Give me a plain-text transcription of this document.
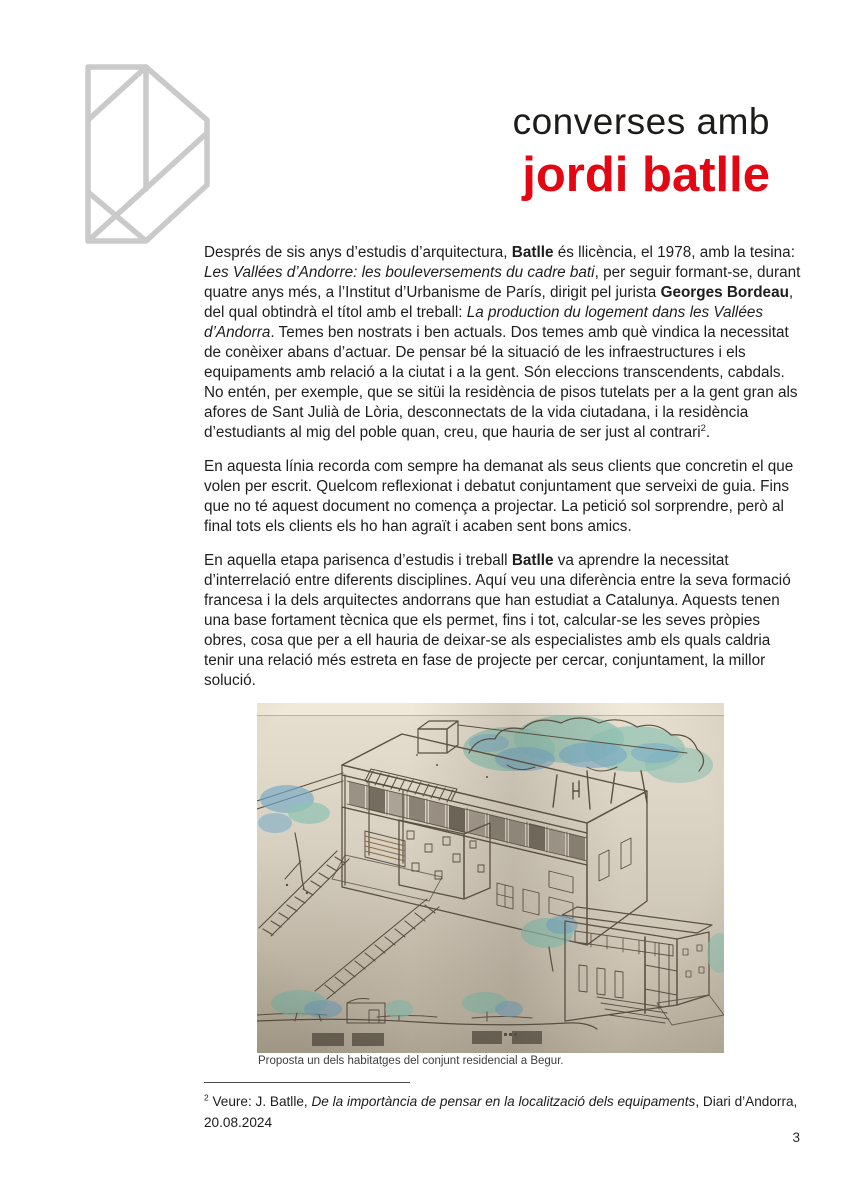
converses amb
jordi batlle

Després de sis anys d’estudis d’arquitectura, Batlle és llicència, el 1978, amb la tesina: Les Vallées d’Andorre: les bouleversements du cadre bati, per seguir formant-se, durant quatre anys més, a l’Institut d’Urbanisme de París, dirigit pel jurista Georges Bordeau, del qual obtindrà el títol amb el treball: La production du logement dans les Vallées d’Andorra. Temes ben nostrats i ben actuals. Dos temes amb què vindica la necessitat de conèixer abans d’actuar. De pensar bé la situació de les infraestructures i els equipaments amb relació a la ciutat i a la gent. Són eleccions transcendents, cabdals. No entén, per exemple, que se sitüi la residència de pisos tutelats per a la gent gran als afores de Sant Julià de Lòria, desconnectats de la vida ciutadana, i la residència d’estudiants al mig del poble quan, creu, que hauria de ser just al contrari$^2$.

En aquesta línia recorda com sempre ha demanat als seus clients que concretin el que volen per escrit. Quelcom reflexionat i debatut conjuntament que serveixi de guia. Fins que no té aquest document no comença a projectar. La petició sol sorprendre, però al final tots els clients els ho han agraït i acaben sent bons amics.

En aquella etapa parisenca d’estudis i treball Batlle va aprendre la necessitat d’interrelació entre diferents disciplines. Aquí veu una diferència entre la seva formació francesa i la dels arquitectes andorrans que han estudiat a Catalunya. Aquests tenen una base fortament tècnica que els permet, fins i tot, calcular-se les seves pròpies obres, cosa que per a ell hauria de deixar-se als especialistes amb els quals caldria tenir una relació més estreta en fase de projecte per cercar, conjuntament, la millor solució.

Proposta un dels habitatges del conjunt residencial a Begur.
$^2$ Veure: J. Batlle, De la importància de pensar en la localització dels equipaments, Diari d’Andorra, 20.08.2024
3
